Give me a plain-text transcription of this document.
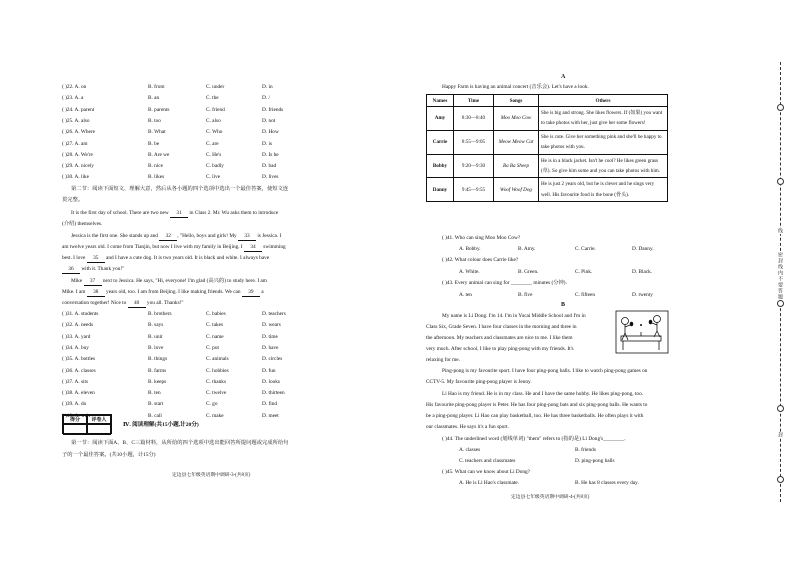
( )22. A. on	B. from	C. under	D. in
( )23. A. a	B. an	C. the	D. /
( )24. A. parent	B. parents	C. friend	D. friends
( )25. A. also	B. too	C. also	D. not
( )26. A. Where	B. What	C. Who	D. How
( )27. A. am	B. be	C. are	D. is
( )28. A. We're	B. Are we	C. He's	D. Is he
( )29. A. nicely	B. nice	C. badly	D. bad
( )30. A. like	B. likes	C. live	D. lives
第二节：阅读下面短文，理解大意，然后从各小题的四个选项中选出一个最佳答案，使短文连
贯完整。
It is the first day of school. There are two new 31 in Class 2. Mr. Wu asks them to introduce
(介绍) themselves.
Jessica is the first one. She stands up and 32 , "Hello, boys and girls! My 33 is Jessica. I
am twelve years old. I come from Tianjin, but now I live with my family in Beijing. I 34 swimming
best. I love 35 and I have a cute dog. It is two years old. It is black and white. I always have
36 with it. Thank you!"
Mike 37 next to Jessica. He says, "Hi, everyone! I'm glad (高兴的) to study here. I am
Mike. I am 38 years old, too. I am from Beijing. I like making friends. We can 39 a
conversation together! Nice to 40 you all. Thanks!"
( )31. A. students	B. brothers	C. babies	D. teachers
( )32. A. needs	B. says	C. takes	D. wears
( )33. A. yard	B. unit	C. name	D. time
( )34. A. buy	B. love	C. put	D. have
( )35. A. bottles	B. things	C. animals	D. circles
( )36. A. classes	B. farms	C. hobbies	D. fun
( )37. A. sits	B. keeps	C. thanks	D. looks
( )38. A. eleven	B. ten	C. twelve	D. thirteen
( )39. A. do	B. start	C. go	D. find
( )40. A. wait	B. call	C. make	D. meet
得分	评卷人
Ⅳ. 阅读理解(共15小题,计20分)
第一节：阅读下面A、B、C三篇材料，从所给的四个选项中选出能回答所提问题或完成所给句
子的一个最佳答案。(共10小题，计15分)
定边县七年级英语期中调研-3-(共8页)
A
Happy Farm is having an animal concert (音乐会). Let's have a look.
Names	Time	Songs	Others
Amy	8:30—8:40	Moo Moo Cow	She is big and strong. She likes flowers. If (如果) you want to take photos with her, just give her some flowers!
Carrie	8:55—9:05	Meow Meow Cat	She is cute. Give her something pink and she'll be happy to take photos with you.
Bobby	9:20—9:30	Ba Ba Sheep	He is in a black jacket. Isn't he cool? He likes green grass (草). So give him some and you can take photos with him.
Danny	9:45—9:55	Woof Woof Dog	He is just 2 years old, but he is clever and he sings very well. His favourite food is the bone (骨头).
( )41. Who can sing Moo Moo Cow?
A. Bobby.	B. Amy.	C. Carrie.	D. Danny.
( )42. What colour does Carrie like?
A. White.	B. Green.	C. Pink.	D. Black.
( )43. Every animal can sing for ________ minutes (分钟).
A. ten	B. five	C. fifteen	D. twenty
B
My name is Li Dong. I'm 14. I'm in Yucai Middle School and I'm in
Class Six, Grade Seven. I have four classes in the morning and three in
the afternoon. My teachers and classmates are nice to me. I like them
very much. After school, I like to play ping-pong with my friends. It's
relaxing for me.
Ping-pong is my favourite sport. I have four ping-pong balls. I like to watch ping-pong games on
CCTV-5. My favourite ping-pong player is Jenny.
Li Hao is my friend. He is in my class. He and I have the same hobby. He likes ping-pong, too.
His favourite ping-pong player is Peter. He has four ping-pong bats and six ping-pong balls. He wants to
be a ping-pong player. Li Hao can play basketball, too. He has three basketballs. He often plays it with
our classmates. He says it's a fun sport.
( )44. The underlined word (划线单词) "them" refers to (指的是) Li Dong's________.
A. classes	B. friends
C. teachers and classmates	D. ping-pong balls
( )45. What can we know about Li Dong?
A. He is Li Hao's classmate.	B. He has 8 classes every day.
定边县七年级英语期中调研-4-(共8页)
线
密封线内不要答题
封
